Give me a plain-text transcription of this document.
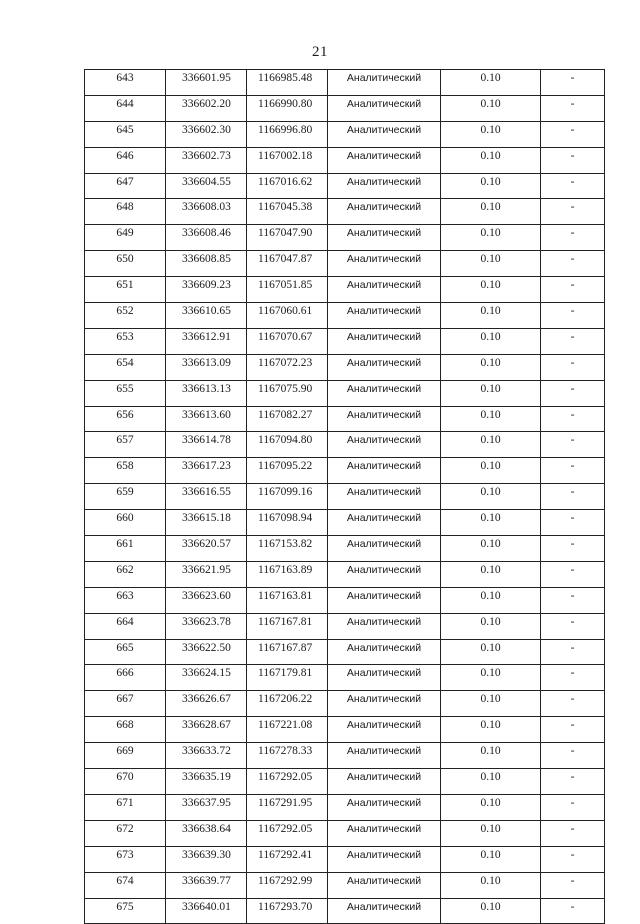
21
643	336601.95	1166985.48	Аналитический	0.10	-
644	336602.20	1166990.80	Аналитический	0.10	-
645	336602.30	1166996.80	Аналитический	0.10	-
646	336602.73	1167002.18	Аналитический	0.10	-
647	336604.55	1167016.62	Аналитический	0.10	-
648	336608.03	1167045.38	Аналитический	0.10	-
649	336608.46	1167047.90	Аналитический	0.10	-
650	336608.85	1167047.87	Аналитический	0.10	-
651	336609.23	1167051.85	Аналитический	0.10	-
652	336610.65	1167060.61	Аналитический	0.10	-
653	336612.91	1167070.67	Аналитический	0.10	-
654	336613.09	1167072.23	Аналитический	0.10	-
655	336613.13	1167075.90	Аналитический	0.10	-
656	336613.60	1167082.27	Аналитический	0.10	-
657	336614.78	1167094.80	Аналитический	0.10	-
658	336617.23	1167095.22	Аналитический	0.10	-
659	336616.55	1167099.16	Аналитический	0.10	-
660	336615.18	1167098.94	Аналитический	0.10	-
661	336620.57	1167153.82	Аналитический	0.10	-
662	336621.95	1167163.89	Аналитический	0.10	-
663	336623.60	1167163.81	Аналитический	0.10	-
664	336623.78	1167167.81	Аналитический	0.10	-
665	336622.50	1167167.87	Аналитический	0.10	-
666	336624.15	1167179.81	Аналитический	0.10	-
667	336626.67	1167206.22	Аналитический	0.10	-
668	336628.67	1167221.08	Аналитический	0.10	-
669	336633.72	1167278.33	Аналитический	0.10	-
670	336635.19	1167292.05	Аналитический	0.10	-
671	336637.95	1167291.95	Аналитический	0.10	-
672	336638.64	1167292.05	Аналитический	0.10	-
673	336639.30	1167292.41	Аналитический	0.10	-
674	336639.77	1167292.99	Аналитический	0.10	-
675	336640.01	1167293.70	Аналитический	0.10	-
